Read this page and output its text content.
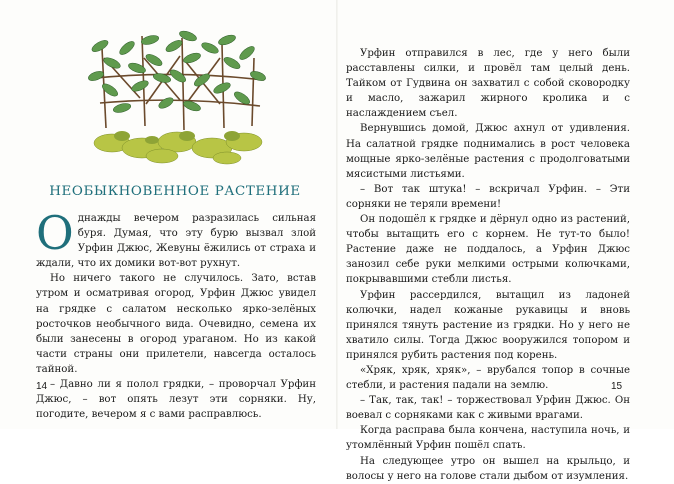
НЕОБЫКНОВЕННОЕ РАСТЕНИЕ

Однажды вечером разразилась сильная буря. Думая, что эту бурю вызвал злой Урфин Джюс, Жевуны ёжились от страха и ждали, что их домики вот-вот рухнут.

Но ничего такого не случилось. Зато, встав утром и осматривая огород, Урфин Джюс увидел на грядке с салатом несколько ярко-зелёных росточков необычного вида. Очевидно, семена их были занесены в огород ураганом. Но из какой части страны они прилетели, навсегда осталось тайной.

– Давно ли я полол грядки, – проворчал Урфин Джюс, – вот опять лезут эти сорняки. Ну, погодите, вечером я с вами расправлюсь.

14

Урфин отправился в лес, где у него были расставлены силки, и провёл там целый день. Тайком от Гудвина он захватил с собой сковородку и масло, зажарил жирного кролика и с наслаждением съел.

Вернувшись домой, Джюс ахнул от удивления. На салатной грядке поднимались в рост человека мощные ярко-зелёные растения с продолговатыми мясистыми листьями.

– Вот так штука! – вскричал Урфин. – Эти сорняки не теряли времени!

Он подошёл к грядке и дёрнул одно из растений, чтобы вытащить его с корнем. Не тут-то было! Растение даже не поддалось, а Урфин Джюс занозил себе руки мелкими острыми колючками, покрывавшими стебли листья.

Урфин рассердился, вытащил из ладоней колючки, надел кожаные рукавицы и вновь принялся тянуть растение из грядки. Но у него не хватило силы. Тогда Джюс вооружился топором и принялся рубить растения под корень.

«Хряк, хряк, хряк», – врубался топор в сочные стебли, и растения падали на землю.

– Так, так, так! – торжествовал Урфин Джюс. Он воевал с сорняками как с живыми врагами.

Когда расправа была кончена, наступила ночь, и утомлённый Урфин пошёл спать.

На следующее утро он вышел на крыльцо, и волосы у него на голове стали дыбом от изумления.

15
